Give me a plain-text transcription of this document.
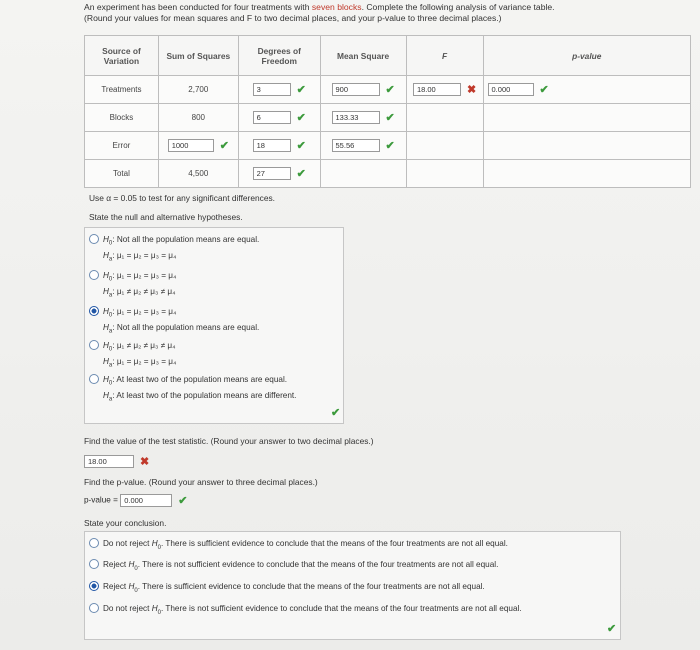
An experiment has been conducted for four treatments with seven blocks. Complete the following analysis of variance table.
(Round your values for mean squares and F to two decimal places, and your p-value to three decimal places.)
Source of Variation	Sum of Squares	Degrees of Freedom	Mean Square	F	p-value
Treatments	2,700	3 ✔	900 ✔	18.00 ✖	0.000 ✔

Blocks	800	6 ✔	133.33 ✔		

Error	1000 ✔	18 ✔	55.56 ✔		

Total	4,500	27 ✔			

Use α = 0.05 to test for any significant differences.
State the null and alternative hypotheses.
$H_0$: Not all the population means are equal.
$H_a$: μ₁ = μ₂ = μ₃ = μ₄
$H_0$: μ₁ = μ₂ = μ₃ = μ₄
$H_a$: μ₁ ≠ μ₂ ≠ μ₃ ≠ μ₄
$H_0$: μ₁ = μ₂ = μ₃ = μ₄
$H_a$: Not all the population means are equal.
$H_0$: μ₁ ≠ μ₂ ≠ μ₃ ≠ μ₄
$H_a$: μ₁ = μ₂ = μ₃ = μ₄
$H_0$: At least two of the population means are equal.
$H_a$: At least two of the population means are different.
✔
Find the value of the test statistic. (Round your answer to two decimal places.)
18.00	✖
Find the p-value. (Round your answer to three decimal places.)
p-value = 0.000	✔
State your conclusion.
Do not reject $H_0$. There is sufficient evidence to conclude that the means of the four treatments are not all equal.
Reject $H_0$. There is not sufficient evidence to conclude that the means of the four treatments are not all equal.
Reject $H_0$. There is sufficient evidence to conclude that the means of the four treatments are not all equal.
Do not reject $H_0$. There is not sufficient evidence to conclude that the means of the four treatments are not all equal.
✔
